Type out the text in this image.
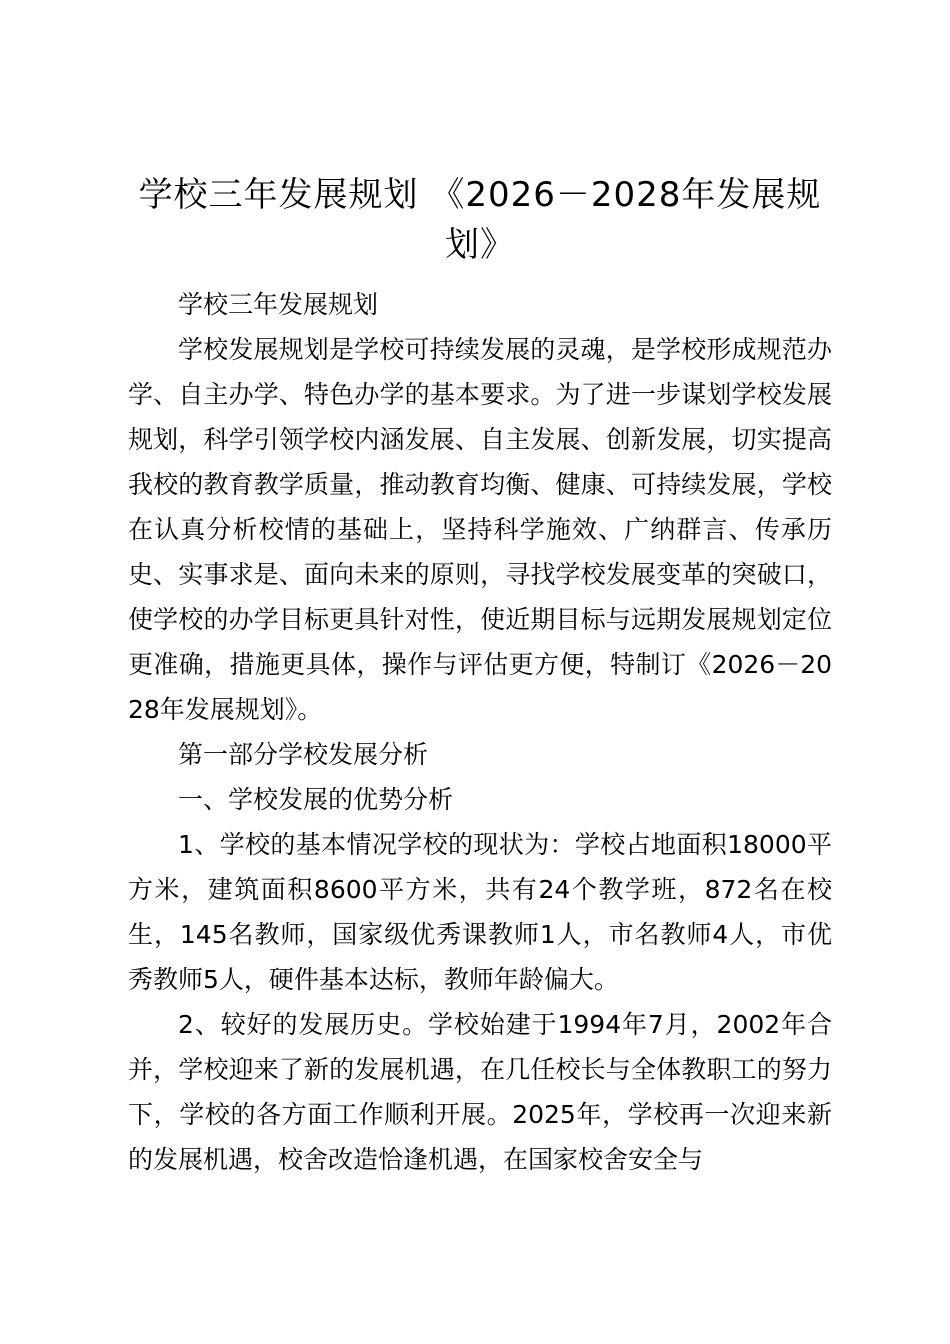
学校三年发展规划 《2026－2028年发展规划》

学校三年发展规划

学校发展规划是学校可持续发展的灵魂，是学校形成规范办学、自主办学、特色办学的基本要求。为了进一步谋划学校发展规划，科学引领学校内涵发展、自主发展、创新发展，切实提高我校的教育教学质量，推动教育均衡、健康、可持续发展，学校在认真分析校情的基础上，坚持科学施效、广纳群言、传承历史、实事求是、面向未来的原则，寻找学校发展变革的突破口，使学校的办学目标更具针对性，使近期目标与远期发展规划定位更准确，措施更具体，操作与评估更方便，特制订《2026－2028年发展规划》。

第一部分学校发展分析

一、学校发展的优势分析

1、学校的基本情况学校的现状为：学校占地面积18000平方米，建筑面积8600平方米，共有24个教学班，872名在校生，145名教师，国家级优秀课教师1人，市名教师4人，市优秀教师5人，硬件基本达标，教师年龄偏大。

2、较好的发展历史。学校始建于1994年7月，2002年合并，学校迎来了新的发展机遇，在几任校长与全体教职工的努力下，学校的各方面工作顺利开展。2025年，学校再一次迎来新的发展机遇，校舍改造恰逢机遇，在国家校舍安全与
